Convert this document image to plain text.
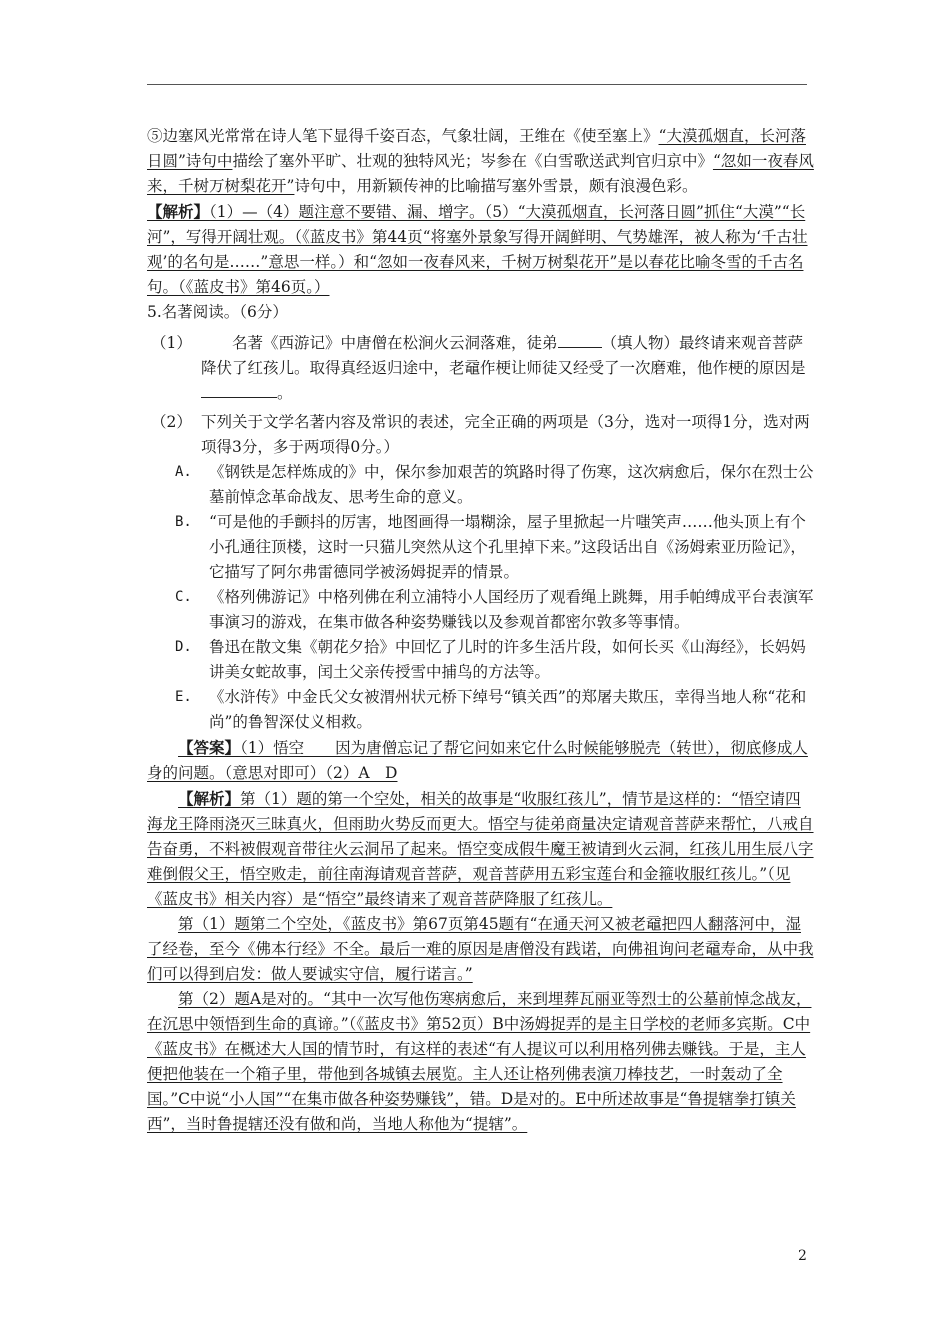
⑤边塞风光常常在诗人笔下显得千姿百态，气象壮阔，王维在《使至塞上》“大漠孤烟直，长河落日圆”诗句中描绘了塞外平旷、壮观的独特风光；岑参在《白雪歌送武判官归京中》“忽如一夜春风来，千树万树梨花开”诗句中，用新颖传神的比喻描写塞外雪景，颇有浪漫色彩。

【解析】（1）—（4）题注意不要错、漏、增字。（5）“大漠孤烟直，长河落日圆”抓住“大漠”“长河”，写得开阔壮观。（《蓝皮书》第44页“将塞外景象写得开阔鲜明、气势雄浑，被人称为‘千古壮观’的名句是……”意思一样。）和“忽如一夜春风来，千树万树梨花开”是以春花比喻冬雪的千古名句。（《蓝皮书》第46页。）

5.名著阅读。（6分）

（1）	名著《西游记》中唐僧在松涧火云洞落难，徒弟	（填人物）最终请来观音菩萨降伏了红孩儿。取得真经返归途中，老黿作梗让师徒又经受了一次磨难，他作梗的原因是。
（2） 下列关于文学名著内容及常识的表述，完全正确的两项是（3分，选对一项得1分，选对两项得3分，多于两项得0分。）
A.	《钢铁是怎样炼成的》中，保尔参加艰苦的筑路时得了伤寒，这次病愈后，保尔在烈士公墓前悼念革命战友、思考生命的意义。
B.	“可是他的手颤抖的厉害，地图画得一塌糊涂，屋子里掀起一片嗤笑声……他头顶上有个小孔通往顶楼，这时一只猫儿突然从这个孔里掉下来。”这段话出自《汤姆索亚历险记》，它描写了阿尔弗雷德同学被汤姆捉弄的情景。
C.	《格列佛游记》中格列佛在利立浦特小人国经历了观看绳上跳舞，用手帕缚成平台表演军事演习的游戏，在集市做各种姿势赚钱以及参观首都密尔敦多等事情。
D.	鲁迅在散文集《朝花夕拾》中回忆了儿时的许多生活片段，如何长买《山海经》，长妈妈讲美女蛇故事，闰土父亲传授雪中捕鸟的方法等。
E.	《水浒传》中金氏父女被渭州状元桥下绰号“镇关西”的郑屠夫欺压，幸得当地人称“花和尚”的鲁智深仗义相救。

【答案】（1）悟空　　因为唐僧忘记了帮它问如来它什么时候能够脱壳（转世），彻底修成人身的问题。（意思对即可）（2）A　D

【解析】第（1）题的第一个空处，相关的故事是“收服红孩儿”，情节是这样的：“悟空请四海龙王降雨浇灭三昧真火，但雨助火势反而更大。悟空与徒弟商量决定请观音菩萨来帮忙，八戒自告奋勇，不料被假观音带往火云洞吊了起来。悟空变成假牛魔王被请到火云洞，红孩儿用生辰八字难倒假父王，悟空败走，前往南海请观音菩萨，观音菩萨用五彩宝莲台和金箍收服红孩儿。”（见《蓝皮书》相关内容）是“悟空”最终请来了观音菩萨降服了红孩儿。

第（1）题第二个空处，《蓝皮书》第67页第45题有“在通天河又被老黿把四人翻落河中，湿了经卷，至今《佛本行经》不全。最后一难的原因是唐僧没有践诺，向佛祖询问老黿寿命，从中我们可以得到启发：做人要诚实守信，履行诺言。”

第（2）题A是对的。“其中一次写他伤寒病愈后，来到埋葬瓦丽亚等烈士的公墓前悼念战友，在沉思中领悟到生命的真谛。”（《蓝皮书》第52页）B中汤姆捉弄的是主日学校的老师多宾斯。C中《蓝皮书》在概述大人国的情节时，有这样的表述“有人提议可以利用格列佛去赚钱。于是，主人便把他装在一个箱子里，带他到各城镇去展览。主人还让格列佛表演刀棒技艺，一时轰动了全国。”C中说“小人国”“在集市做各种姿势赚钱”，错。D是对的。E中所述故事是“鲁提辖拳打镇关西”，当时鲁提辖还没有做和尚，当地人称他为“提辖”。

2
